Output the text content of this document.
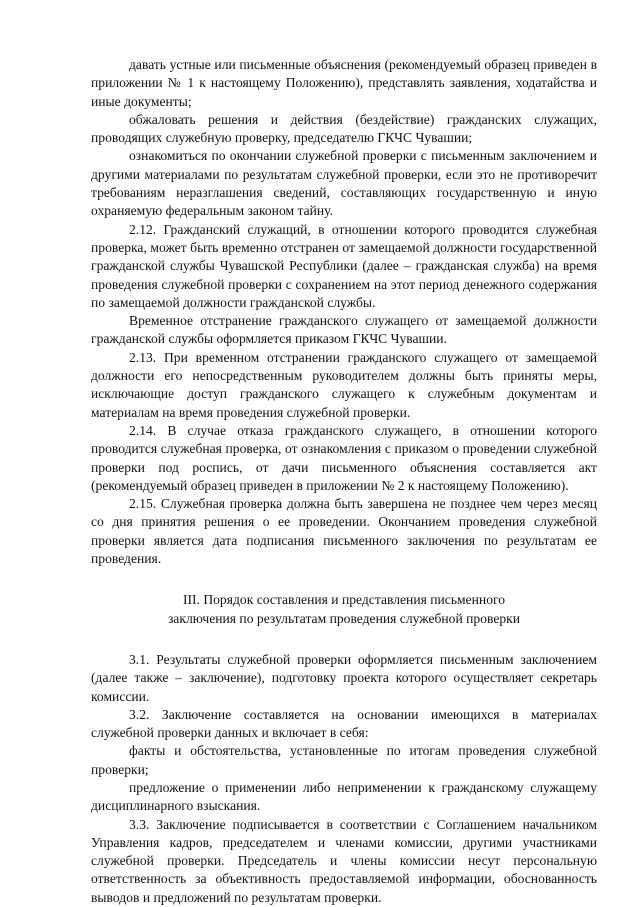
давать устные или письменные объяснения (рекомендуемый образец приведен в приложении № 1 к настоящему Положению), представлять заявления, ходатайства и иные документы;

обжаловать решения и действия (бездействие) гражданских служащих, проводящих служебную проверку, председателю ГКЧС Чувашии;

ознакомиться по окончании служебной проверки с письменным заключением и другими материалами по результатам служебной проверки, если это не противоречит требованиям неразглашения сведений, составляющих государственную и иную охраняемую федеральным законом тайну.

2.12. Гражданский служащий, в отношении которого проводится служебная проверка, может быть временно отстранен от замещаемой должности государственной гражданской службы Чувашской Республики (далее – гражданская служба) на время проведения служебной проверки с сохранением на этот период денежного содержания по замещаемой должности гражданской службы.

Временное отстранение гражданского служащего от замещаемой должности гражданской службы оформляется приказом ГКЧС Чувашии.

2.13. При временном отстранении гражданского служащего от замещаемой должности его непосредственным руководителем должны быть приняты меры, исключающие доступ гражданского служащего к служебным документам и материалам на время проведения служебной проверки.

2.14. В случае отказа гражданского служащего, в отношении которого проводится служебная проверка, от ознакомления с приказом о проведении служебной проверки под роспись, от дачи письменного объяснения составляется акт (рекомендуемый образец приведен в приложении № 2 к настоящему Положению).

2.15. Служебная проверка должна быть завершена не позднее чем через месяц со дня принятия решения о ее проведении. Окончанием проведения служебной проверки является дата подписания письменного заключения по результатам ее проведения.

III. Порядок составления и представления письменного
заключения по результатам проведения служебной проверки

3.1. Результаты служебной проверки оформляется письменным заключением (далее также – заключение), подготовку проекта которого осуществляет секретарь комиссии.

3.2. Заключение составляется на основании имеющихся в материалах служебной проверки данных и включает в себя:

факты и обстоятельства, установленные по итогам проведения служебной проверки;

предложение о применении либо неприменении к гражданскому служащему дисциплинарного взыскания.

3.3. Заключение подписывается в соответствии с Соглашением начальником Управления кадров, председателем и членами комиссии, другими участниками служебной проверки. Председатель и члены комиссии несут персональную ответственность за объективность предоставляемой информации, обоснованность выводов и предложений по результатам проверки.
